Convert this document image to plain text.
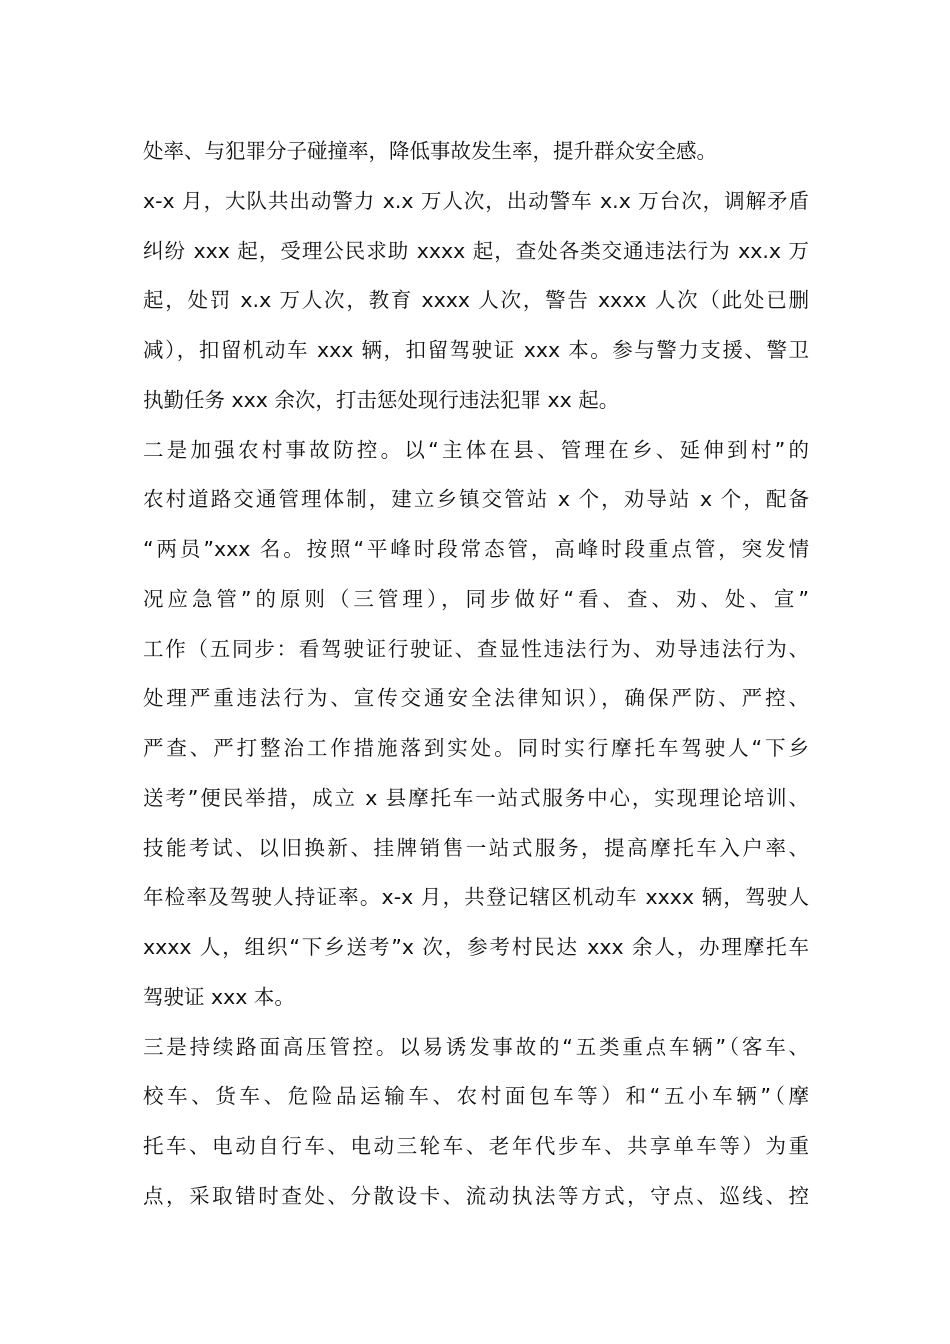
处率、与犯罪分子碰撞率，降低事故发生率，提升群众安全感。
x-x 月，大队共出动警力 x.x 万人次，出动警车 x.x 万台次，调解矛盾
纠纷 xxx 起，受理公民求助 xxxx 起，查处各类交通违法行为 xx.x 万
起，处罚 x.x 万人次，教育 xxxx 人次，警告 xxxx 人次（此处已删
减），扣留机动车 xxx 辆，扣留驾驶证 xxx 本。参与警力支援、警卫
执勤任务 xxx 余次，打击惩处现行违法犯罪 xx 起。
二是加强农村事故防控。以“主体在县、管理在乡、延伸到村”的
农村道路交通管理体制，建立乡镇交管站 x 个，劝导站 x 个，配备
“两员”xxx 名。按照“平峰时段常态管，高峰时段重点管，突发情
况应急管”的原则（三管理），同步做好“看、查、劝、处、宣”
工作（五同步：看驾驶证行驶证、查显性违法行为、劝导违法行为、
处理严重违法行为、宣传交通安全法律知识），确保严防、严控、
严查、严打整治工作措施落到实处。同时实行摩托车驾驶人“下乡
送考”便民举措，成立 x 县摩托车一站式服务中心，实现理论培训、
技能考试、以旧换新、挂牌销售一站式服务，提高摩托车入户率、
年检率及驾驶人持证率。x-x 月，共登记辖区机动车 xxxx 辆，驾驶人
xxxx 人，组织“下乡送考”x 次，参考村民达 xxx 余人，办理摩托车
驾驶证 xxx 本。
三是持续路面高压管控。以易诱发事故的“五类重点车辆”（客车、
校车、货车、危险品运输车、农村面包车等）和“五小车辆”（摩
托车、电动自行车、电动三轮车、老年代步车、共享单车等）为重
点，采取错时查处、分散设卡、流动执法等方式，守点、巡线、控
